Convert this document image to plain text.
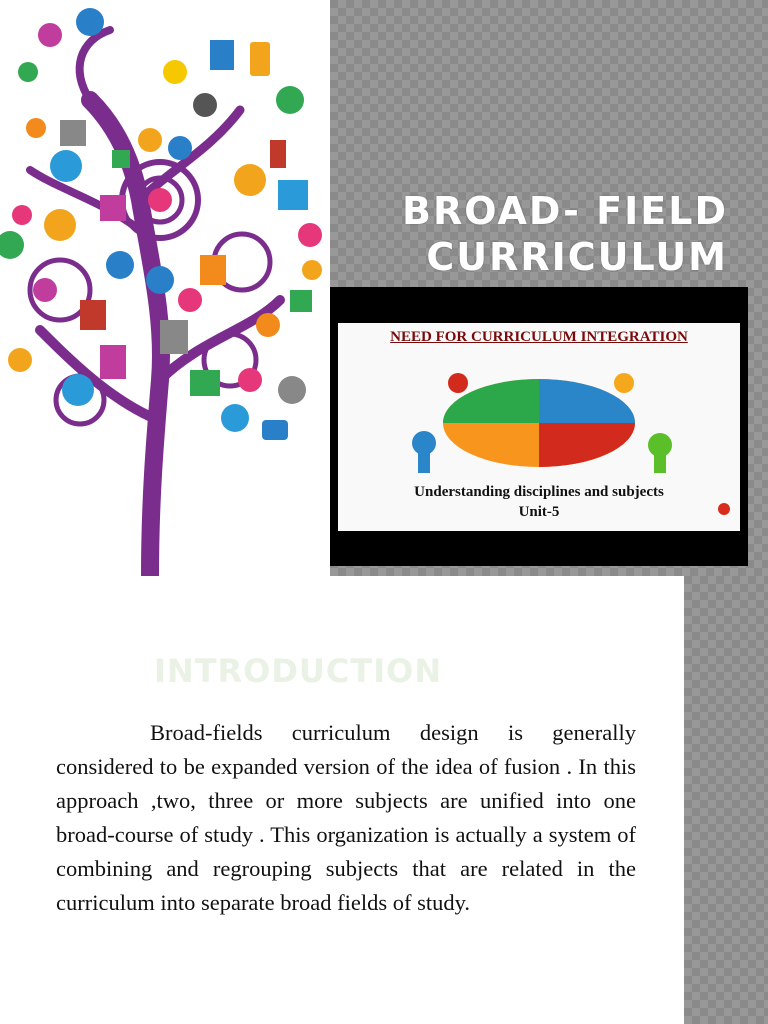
BROAD- FIELD
CURRICULUM
NEED FOR CURRICULUM INTEGRATION
Understanding disciplines and subjects
Unit-5
INTRODUCTION
Broad-fields curriculum design is generally considered to be expanded version of the idea of fusion . In this approach ,two, three or more subjects are unified into one broad-course of study . This organization is actually a system of combining and regrouping subjects that are related in the curriculum into separate broad fields of study.
